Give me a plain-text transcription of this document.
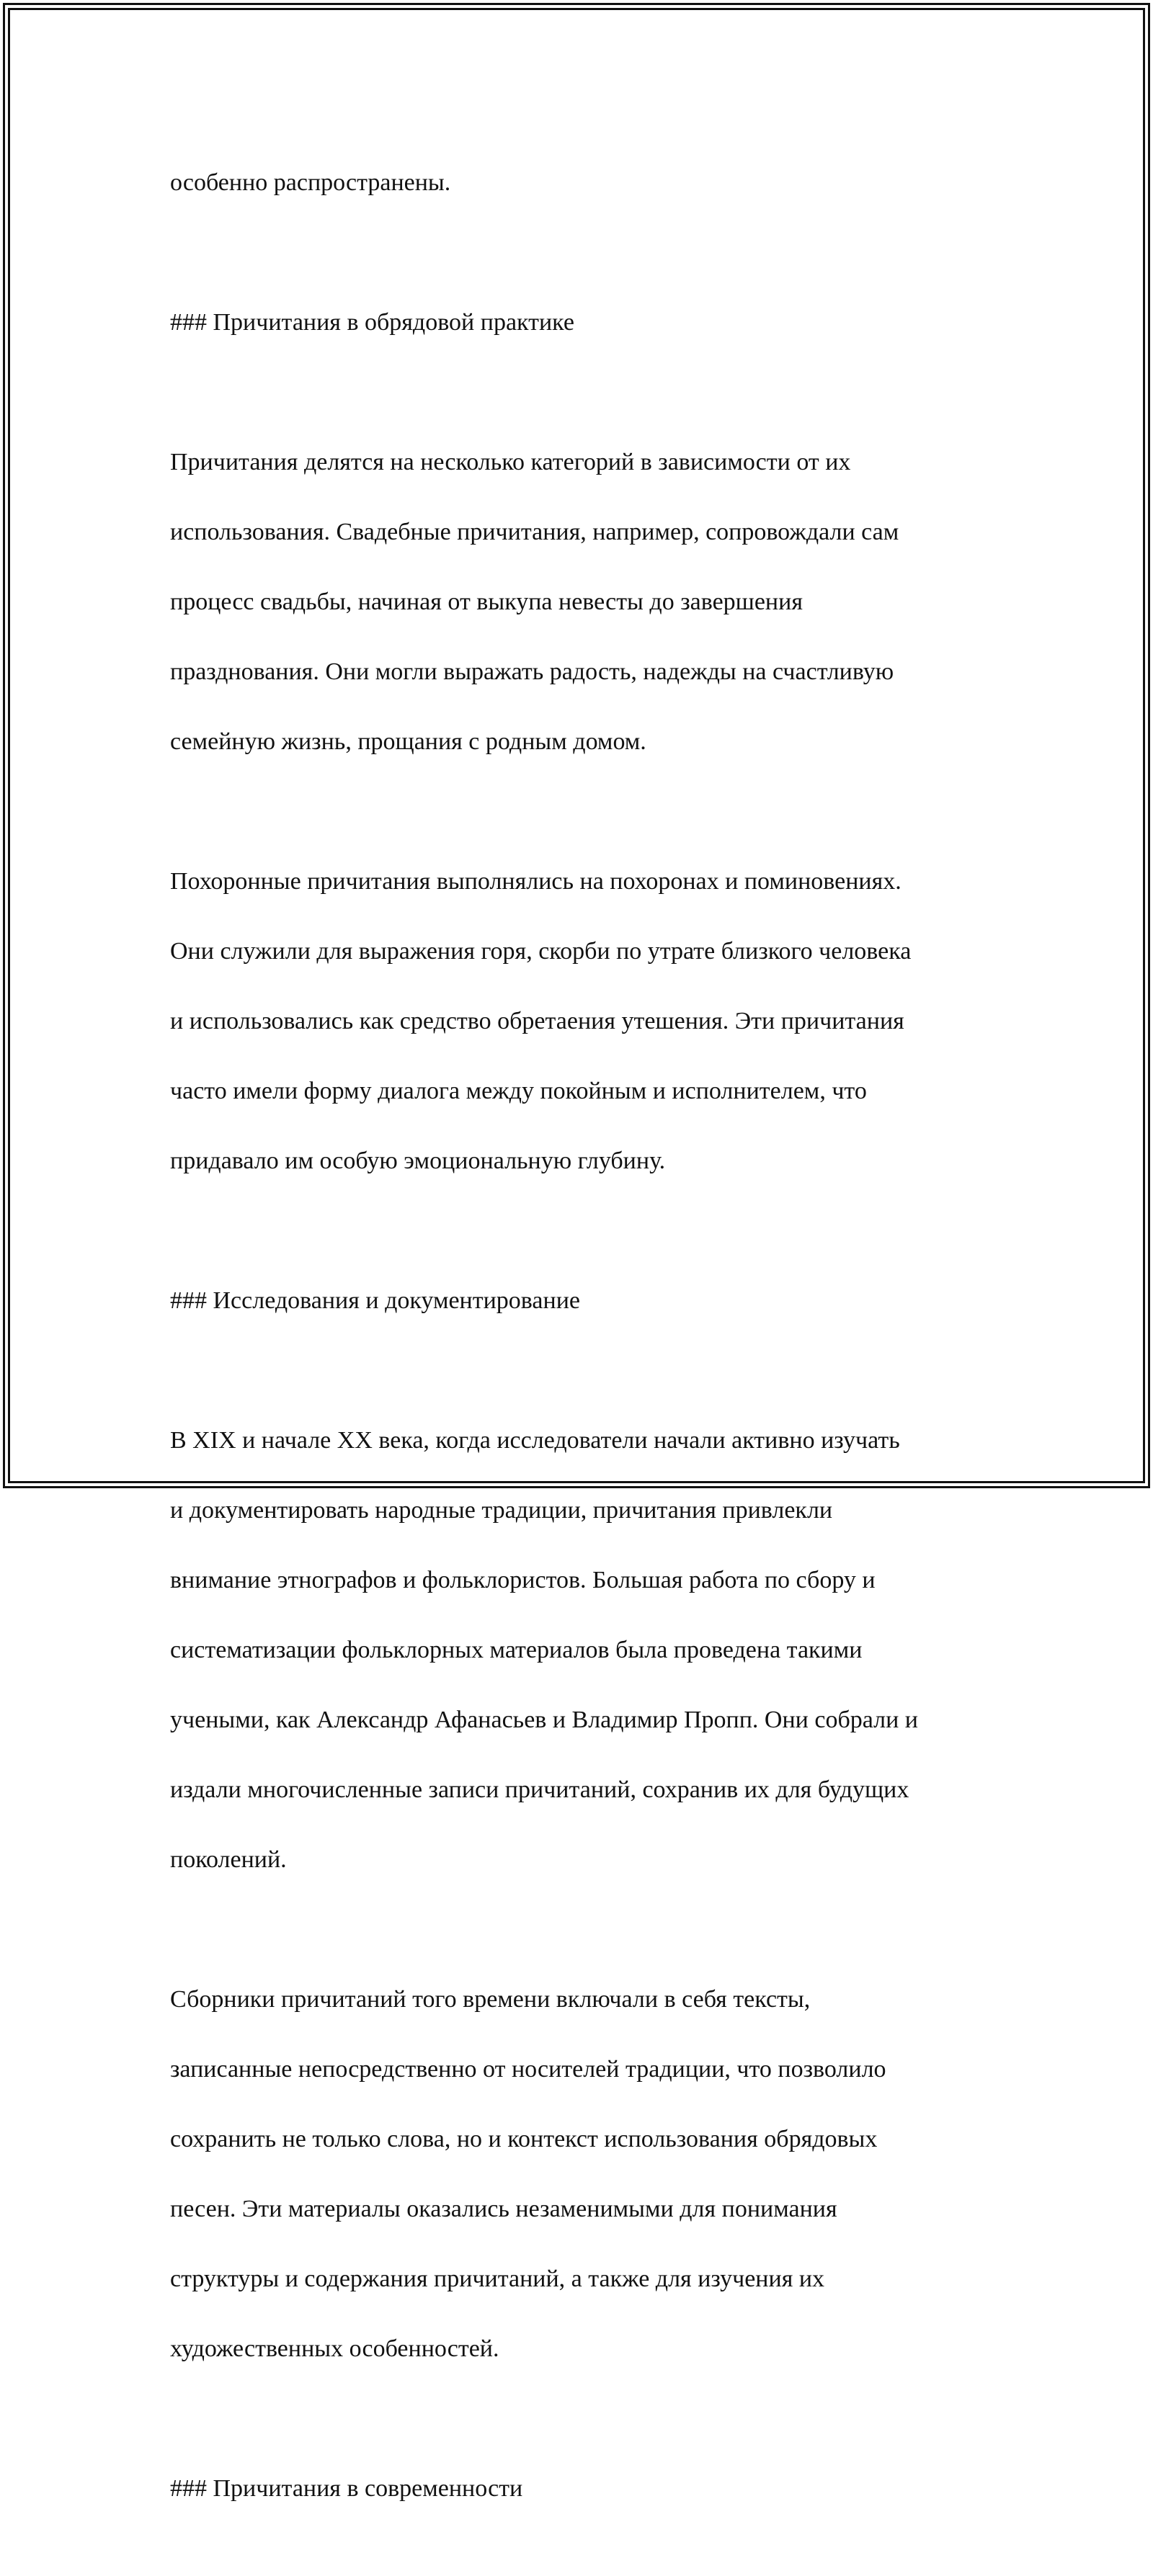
особенно распространены.

### Причитания в обрядовой практике

Причитания делятся на несколько категорий в зависимости от их

использования. Свадебные причитания, например, сопровождали сам

процесс свадьбы, начиная от выкупа невесты до завершения

празднования. Они могли выражать радость, надежды на счастливую

семейную жизнь, прощания с родным домом.

Похоронные причитания выполнялись на похоронах и поминовениях.

Они служили для выражения горя, скорби по утрате близкого человека

и использовались как средство обретаения утешения. Эти причитания

часто имели форму диалога между покойным и исполнителем, что

придавало им особую эмоциональную глубину.

### Исследования и документирование

В XIX и начале XX века, когда исследователи начали активно изучать

и документировать народные традиции, причитания привлекли

внимание этнографов и фольклористов. Большая работа по сбору и

систематизации фольклорных материалов была проведена такими

учеными, как Александр Афанасьев и Владимир Пропп. Они собрали и

издали многочисленные записи причитаний, сохранив их для будущих

поколений.

Сборники причитаний того времени включали в себя тексты,

записанные непосредственно от носителей традиции, что позволило

сохранить не только слова, но и контекст использования обрядовых

песен. Эти материалы оказались незаменимыми для понимания

структуры и содержания причитаний, а также для изучения их

художественных особенностей.

### Причитания в современности
